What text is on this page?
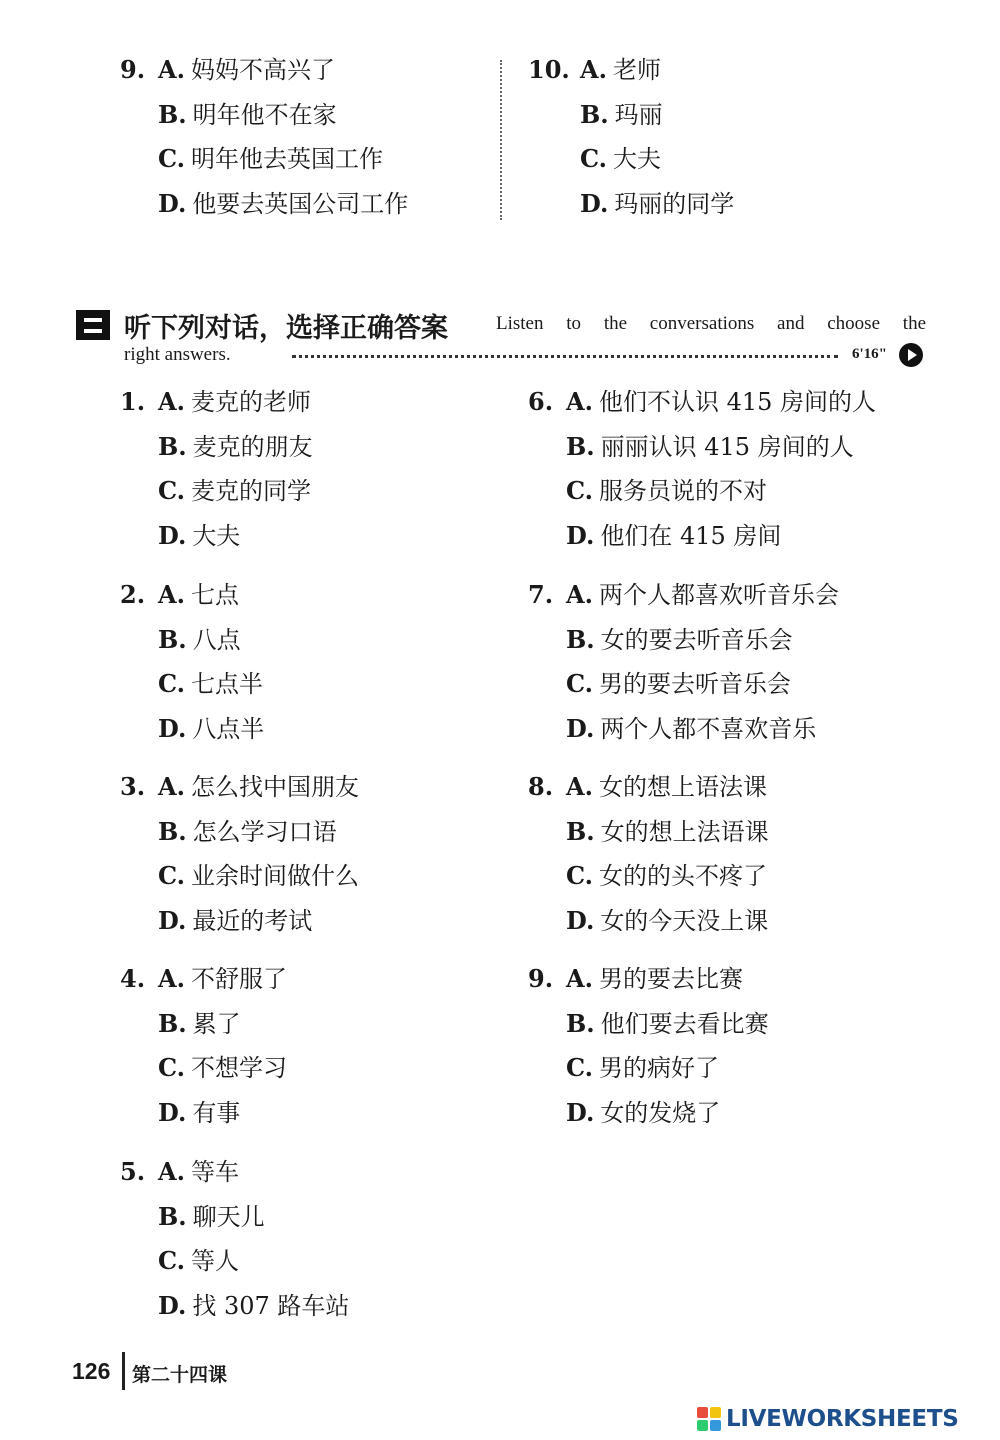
9. A. 妈妈不高兴了
B. 明年他不在家
C. 明年他去英国工作
D. 他要去英国公司工作
10. A. 老师
B. 玛丽
C. 大夫
D. 玛丽的同学
听下列对话，选择正确答案	Listen to the conversations and choose the
right answers.	6'16"
1. A. 麦克的老师
B. 麦克的朋友
C. 麦克的同学
D. 大夫
2. A. 七点
B. 八点
C. 七点半
D. 八点半
3. A. 怎么找中国朋友
B. 怎么学习口语
C. 业余时间做什么
D. 最近的考试
4. A. 不舒服了
B. 累了
C. 不想学习
D. 有事
5. A. 等车
B. 聊天儿
C. 等人
D. 找 307 路车站
6. A. 他们不认识 415 房间的人
B. 丽丽认识 415 房间的人
C. 服务员说的不对
D. 他们在 415 房间
7. A. 两个人都喜欢听音乐会
B. 女的要去听音乐会
C. 男的要去听音乐会
D. 两个人都不喜欢音乐
8. A. 女的想上语法课
B. 女的想上法语课
C. 女的的头不疼了
D. 女的今天没上课
9. A. 男的要去比赛
B. 他们要去看比赛
C. 男的病好了
D. 女的发烧了
126 第二十四课
LIVEWORKSHEETS
